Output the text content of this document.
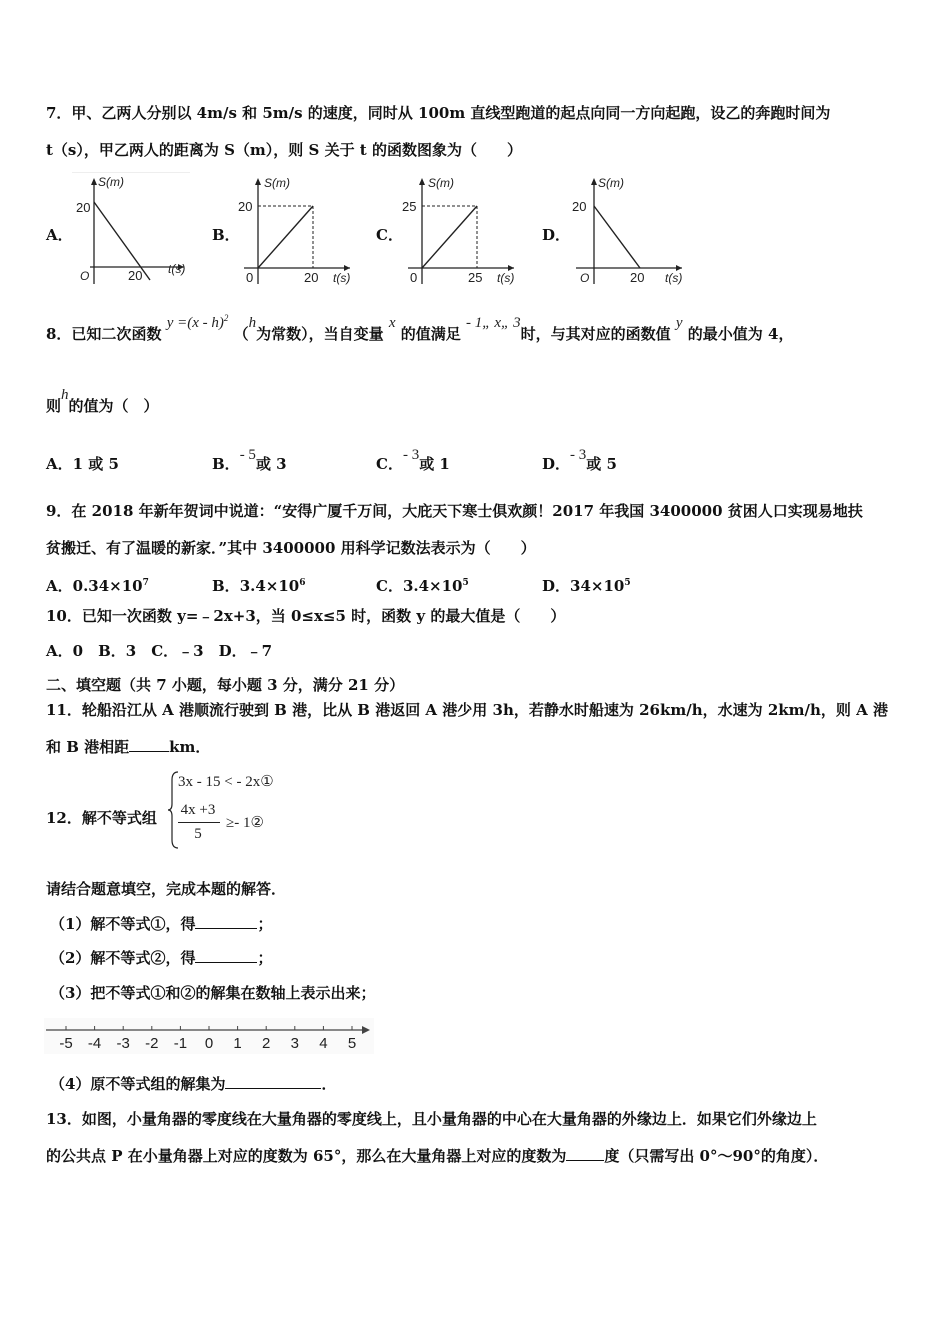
7．甲、乙两人分别以 4m/s 和 5m/s 的速度，同时从 100m 直线型跑道的起点向同一方向起跑，设乙的奔跑时间为
t（s），甲乙两人的距离为 S（m），则 S 关于 t 的函数图象为（　　）
A．
S(m)
t(s)
O
20
20
B．
S(m)
t(s)
0
20
20
C．
S(m)
t(s)
0
25
25
D．
S(m)
t(s)
O
20
20
8．已知二次函数 y =(x - h)$^2$ （h为常数），当自变量 x 的值满足 - 1„ x„ 3时，与其对应的函数值 y 的最小值为 4，
则h的值为（　）
A．1 或 5	B．- 5或 3	C．- 3或 1	D．- 3或 5
9．在 2018 年新年贺词中说道：“安得广厦千万间，大庇天下寒士俱欢颜！2017 年我国 3400000 贫困人口实现易地扶
贫搬迁、有了温暖的新家．”其中 3400000 用科学记数法表示为（　　）
A．$0.34\times 10^7$	B．$3.4\times 10^6$	C．$3.4\times 10^5$	D．$34\times 10^5$
10．已知一次函数 y=﹣2x+3，当 0≤x≤5 时，函数 y 的最大值是（　　）
A．0　B．3　C．﹣3　D．﹣7
二、填空题（共 7 小题，每小题 3 分，满分 21 分）
11．轮船沿江从 A 港顺流行驶到 B 港，比从 B 港返回 A 港少用 3h，若静水时船速为 26km/h，水速为 2km/h，则 A 港
和 B 港相距	km．
12．解不等式组
3x - 15 < - 2x①
4x +3
5
≥- 1②
请结合题意填空，完成本题的解答．
（1）解不等式①，得	；
（2）解不等式②，得	；
（3）把不等式①和②的解集在数轴上表示出来；
-5 -4 -3 -2 -1 0 1 2 3 4 5
（4）原不等式组的解集为	．
13．如图，小量角器的零度线在大量角器的零度线上，且小量角器的中心在大量角器的外缘边上．如果它们外缘边上
的公共点 P 在小量角器上对应的度数为 65°，那么在大量角器上对应的度数为	度（只需写出 0°～90°的角度）．
